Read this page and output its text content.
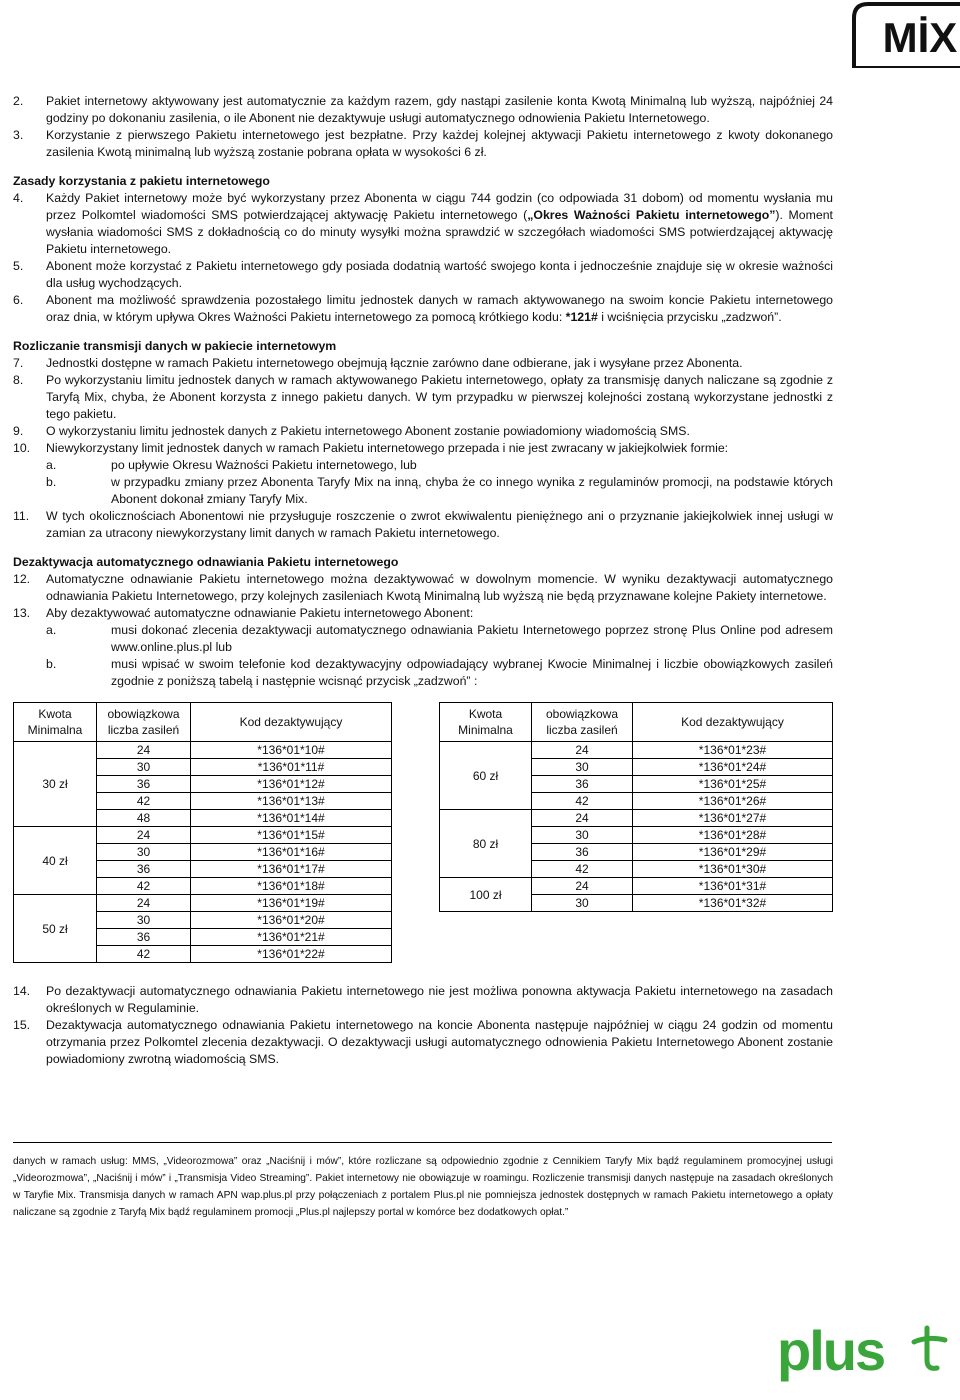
MİX
2.	Pakiet internetowy aktywowany jest automatycznie za każdym razem, gdy nastąpi zasilenie konta Kwotą Minimalną lub wyższą, najpóźniej 24 godziny po dokonaniu zasilenia, o ile Abonent nie dezaktywuje usługi automatycznego odnowienia Pakietu Internetowego.
3.	Korzystanie z pierwszego Pakietu internetowego jest bezpłatne. Przy każdej kolejnej aktywacji Pakietu internetowego z kwoty dokonanego zasilenia Kwotą minimalną lub wyższą zostanie pobrana opłata w wysokości 6 zł.
Zasady korzystania z pakietu internetowego
4.	Każdy Pakiet internetowy może być wykorzystany przez Abonenta w ciągu 744 godzin (co odpowiada 31 dobom) od momentu wysłania mu przez Polkomtel wiadomości SMS potwierdzającej aktywację Pakietu internetowego („Okres Ważności Pakietu internetowego”). Moment wysłania wiadomości SMS z dokładnością co do minuty wysyłki można sprawdzić w szczegółach wiadomości SMS potwierdzającej aktywację Pakietu internetowego.
5.	Abonent może korzystać z Pakietu internetowego gdy posiada dodatnią wartość swojego konta i jednocześnie znajduje się w okresie ważności dla usług wychodzących.
6.	Abonent ma możliwość sprawdzenia pozostałego limitu jednostek danych w ramach aktywowanego na swoim koncie Pakietu internetowego oraz dnia, w którym upływa Okres Ważności Pakietu internetowego za pomocą krótkiego kodu: *121# i wciśnięcia przycisku „zadzwoń”.
Rozliczanie transmisji danych w pakiecie internetowym
7.	Jednostki dostępne w ramach Pakietu internetowego obejmują łącznie zarówno dane odbierane, jak i wysyłane przez Abonenta.
8.	Po wykorzystaniu limitu jednostek danych w ramach aktywowanego Pakietu internetowego, opłaty za transmisję danych naliczane są zgodnie z Taryfą Mix, chyba, że Abonent korzysta z innego pakietu danych. W tym przypadku w pierwszej kolejności zostaną wykorzystane jednostki z tego pakietu.
9.	O wykorzystaniu limitu jednostek danych z Pakietu internetowego Abonent zostanie powiadomiony wiadomością SMS.
10.	Niewykorzystany limit jednostek danych w ramach Pakietu internetowego przepada i nie jest zwracany w jakiejkolwiek formie:
a.	po upływie Okresu Ważności Pakietu internetowego, lub
b.	w przypadku zmiany przez Abonenta Taryfy Mix na inną, chyba że co innego wynika z regulaminów promocji, na podstawie których Abonent dokonał zmiany Taryfy Mix.
11.	W tych okolicznościach Abonentowi nie przysługuje roszczenie o zwrot ekwiwalentu pieniężnego ani o przyznanie jakiejkolwiek innej usługi w zamian za utracony niewykorzystany limit danych w ramach Pakietu internetowego.
Dezaktywacja automatycznego odnawiania Pakietu internetowego
12.	Automatyczne odnawianie Pakietu internetowego można dezaktywować w dowolnym momencie. W wyniku dezaktywacji automatycznego odnawiania Pakietu Internetowego, przy kolejnych zasileniach Kwotą Minimalną lub wyższą nie będą przyznawane kolejne Pakiety internetowe.
13.	Aby dezaktywować automatyczne odnawianie Pakietu internetowego Abonent:
a.	musi dokonać zlecenia dezaktywacji automatycznego odnawiania Pakietu Internetowego poprzez stronę Plus Online pod adresem www.online.plus.pl lub
b.	musi wpisać w swoim telefonie kod dezaktywacyjny odpowiadający wybranej Kwocie Minimalnej i liczbie obowiązkowych zasileń zgodnie z poniższą tabelą i następnie wcisnąć przycisk „zadzwoń” :
Kwota Minimalna	obowiązkowa liczba zasileń	Kod dezaktywujący
30 zł	24	*136*01*10#
	30	*136*01*11#
	36	*136*01*12#
	42	*136*01*13#
	48	*136*01*14#
40 zł	24	*136*01*15#
	30	*136*01*16#
	36	*136*01*17#
	42	*136*01*18#
50 zł	24	*136*01*19#
	30	*136*01*20#
	36	*136*01*21#
	42	*136*01*22#
Kwota Minimalna	obowiązkowa liczba zasileń	Kod dezaktywujący
60 zł	24	*136*01*23#
	30	*136*01*24#
	36	*136*01*25#
	42	*136*01*26#
80 zł	24	*136*01*27#
	30	*136*01*28#
	36	*136*01*29#
	42	*136*01*30#
100 zł	24	*136*01*31#
	30	*136*01*32#
14.	Po dezaktywacji automatycznego odnawiania Pakietu internetowego nie jest możliwa ponowna aktywacja Pakietu internetowego na zasadach określonych w Regulaminie.
15.	Dezaktywacja automatycznego odnawiania Pakietu internetowego na koncie Abonenta następuje najpóźniej w ciągu 24 godzin od momentu otrzymania przez Polkomtel zlecenia dezaktywacji. O dezaktywacji usługi automatycznego odnowienia Pakietu Internetowego Abonent zostanie powiadomiony zwrotną wiadomością SMS.
danych w ramach usług: MMS, „Videorozmowa” oraz „Naciśnij i mów”, które rozliczane są odpowiednio zgodnie z Cennikiem Taryfy Mix bądź regulaminem promocyjnej usługi „Videorozmowa”, „Naciśnij i mów” i „Transmisja Video Streaming”. Pakiet internetowy nie obowiązuje w roamingu. Rozliczenie transmisji danych następuje na zasadach określonych w Taryfie Mix. Transmisja danych w ramach APN wap.plus.pl przy połączeniach z portalem Plus.pl nie pomniejsza jednostek dostępnych w ramach Pakietu internetowego a opłaty naliczane są zgodnie z Taryfą Mix bądź regulaminem promocji „Plus.pl najlepszy portal w komórce bez dodatkowych opłat.”
plus
